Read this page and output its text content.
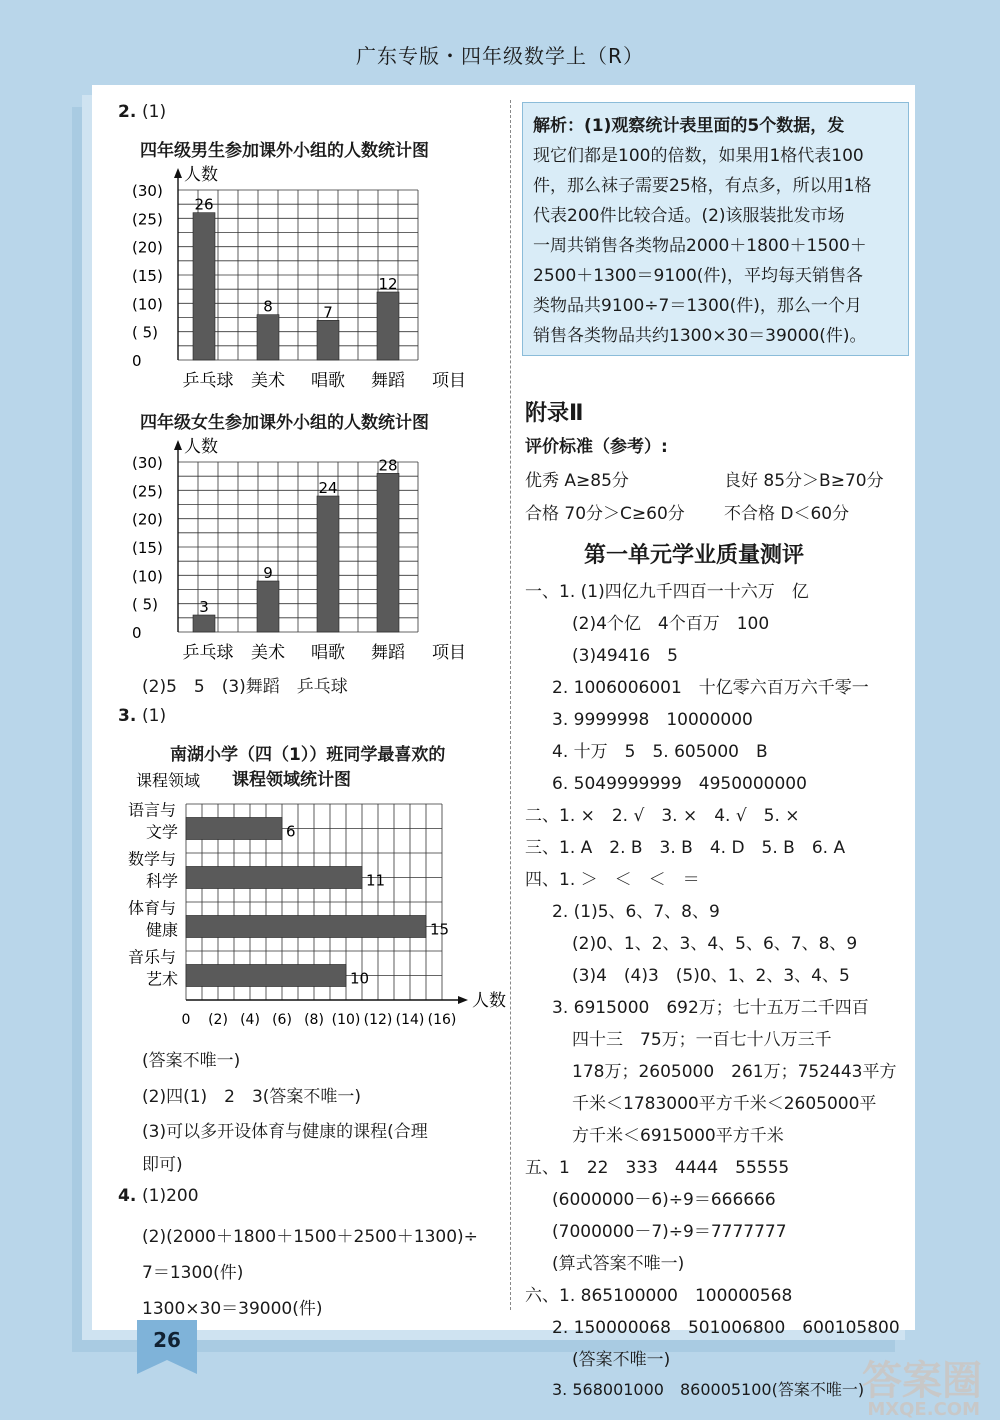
广东专版・四年级数学上（R）
2. (1)
四年级男生参加课外小组的人数统计图
人数
(30)
(25)
(20)
(15)
(10)
( 5)
0
26
乒乓球
8
美术
7
唱歌
12
舞蹈 项目
四年级女生参加课外小组的人数统计图
人数
(30)
(25)
(20)
(15)
(10)
( 5)
0
3
乒乓球
9
美术
24
唱歌
28
舞蹈 项目
(2)5　5　(3)舞蹈　乒乓球
3. (1)
南湖小学（四（1））班同学最喜欢的
课程领域统计图
人数
课程领域
0 (2) (4) (6) (8) (10) (12) (14) (16)
6
语言与
文学
11
数学与
科学
15
体育与
健康
10
音乐与
艺术
(答案不唯一)
(2)四(1)　2　3(答案不唯一)
(3)可以多开设体育与健康的课程(合理
即可)
4. (1)200
(2)(2000＋1800＋1500＋2500＋1300)÷
7＝1300(件)
1300×30＝39000(件)
解析：(1)观察统计表里面的5个数据，发
现它们都是100的倍数，如果用1格代表100
件，那么袜子需要25格，有点多，所以用1格
代表200件比较合适。(2)该服装批发市场
一周共销售各类物品2000＋1800＋1500＋
2500＋1300＝9100(件)，平均每天销售各
类物品共9100÷7＝1300(件)，那么一个月
销售各类物品共约1300×30＝39000(件)。
附录Ⅱ
评价标准（参考）:
优秀 A≥85分	良好 85分＞B≥70分
合格 70分＞C≥60分 不合格 D＜60分
第一单元学业质量测评
一、1. (1)四亿九千四百一十六万　亿
(2)4个亿　4个百万　100
(3)49416　5
2. 1006006001　十亿零六百万六千零一
3. 9999998　10000000
4. 十万　5　5. 605000　B
6. 5049999999　4950000000
二、1. ×　2. √　3. ×　4. √　5. ×
三、1. A　2. B　3. B　4. D　5. B　6. A
四、1. ＞　＜　＜　＝
2. (1)5、6、7、8、9
(2)0、1、2、3、4、5、6、7、8、9
(3)4　(4)3　(5)0、1、2、3、4、5
3. 6915000　692万；七十五万二千四百
四十三　75万；一百七十八万三千
178万；2605000　261万；752443平方
千米＜1783000平方千米＜2605000平
方千米＜6915000平方千米
五、1　22　333　4444　55555
(6000000－6)÷9＝666666
(7000000－7)÷9＝7777777
(算式答案不唯一)
六、1. 865100000　100000568
2. 150000068　501006800　600105800
(答案不唯一)
3. 568001000　860005100(答案不唯一)
26
答案圈
MXQE.COM
